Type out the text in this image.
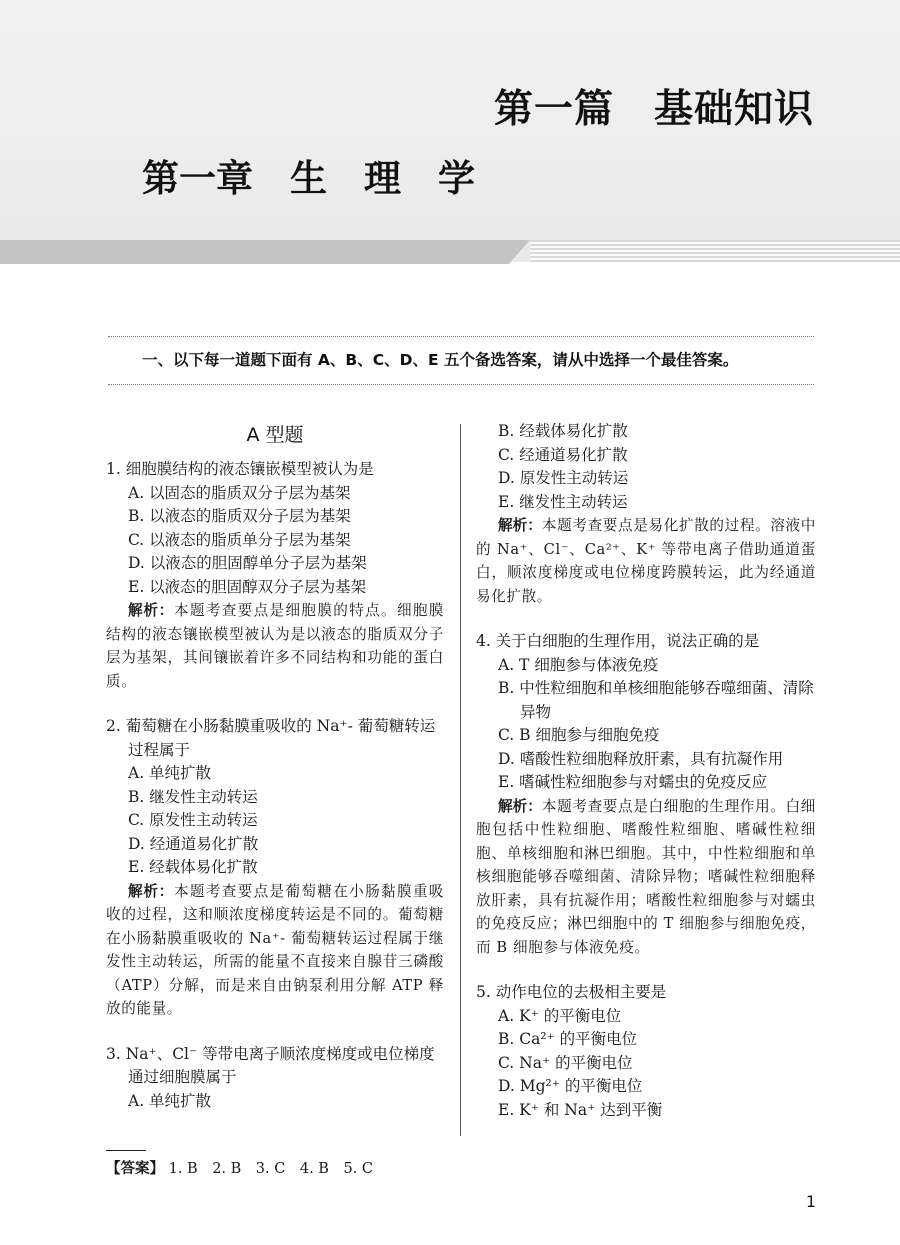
第一篇　基础知识
第一章　生　理　学
一、以下每一道题下面有 A、B、C、D、E 五个备选答案，请从中选择一个最佳答案。
A 型题
1. 细胞膜结构的液态镶嵌模型被认为是
A. 以固态的脂质双分子层为基架
B. 以液态的脂质双分子层为基架
C. 以液态的脂质单分子层为基架
D. 以液态的胆固醇单分子层为基架
E. 以液态的胆固醇双分子层为基架
解析：本题考查要点是细胞膜的特点。细胞膜结构的液态镶嵌模型被认为是以液态的脂质双分子层为基架，其间镶嵌着许多不同结构和功能的蛋白质。
2. 葡萄糖在小肠黏膜重吸收的 Na⁺- 葡萄糖转运过程属于
A. 单纯扩散
B. 继发性主动转运
C. 原发性主动转运
D. 经通道易化扩散
E. 经载体易化扩散
解析：本题考查要点是葡萄糖在小肠黏膜重吸收的过程，这和顺浓度梯度转运是不同的。葡萄糖在小肠黏膜重吸收的 Na⁺- 葡萄糖转运过程属于继发性主动转运，所需的能量不直接来自腺苷三磷酸（ATP）分解，而是来自由钠泵利用分解 ATP 释放的能量。
3. Na⁺、Cl⁻ 等带电离子顺浓度梯度或电位梯度通过细胞膜属于
A. 单纯扩散
B. 经载体易化扩散
C. 经通道易化扩散
D. 原发性主动转运
E. 继发性主动转运
解析：本题考查要点是易化扩散的过程。溶液中的 Na⁺、Cl⁻、Ca²⁺、K⁺ 等带电离子借助通道蛋白，顺浓度梯度或电位梯度跨膜转运，此为经通道易化扩散。
4. 关于白细胞的生理作用，说法正确的是
A. T 细胞参与体液免疫
B. 中性粒细胞和单核细胞能够吞噬细菌、清除异物
C. B 细胞参与细胞免疫
D. 嗜酸性粒细胞释放肝素，具有抗凝作用
E. 嗜碱性粒细胞参与对蠕虫的免疫反应
解析：本题考查要点是白细胞的生理作用。白细胞包括中性粒细胞、嗜酸性粒细胞、嗜碱性粒细胞、单核细胞和淋巴细胞。其中，中性粒细胞和单核细胞能够吞噬细菌、清除异物；嗜碱性粒细胞释放肝素，具有抗凝作用；嗜酸性粒细胞参与对蠕虫的免疫反应；淋巴细胞中的 T 细胞参与细胞免疫，而 B 细胞参与体液免疫。
5. 动作电位的去极相主要是
A. K⁺ 的平衡电位
B. Ca²⁺ 的平衡电位
C. Na⁺ 的平衡电位
D. Mg²⁺ 的平衡电位
E. K⁺ 和 Na⁺ 达到平衡
【答案】 1. B　2. B　3. C　4. B　5. C
1
